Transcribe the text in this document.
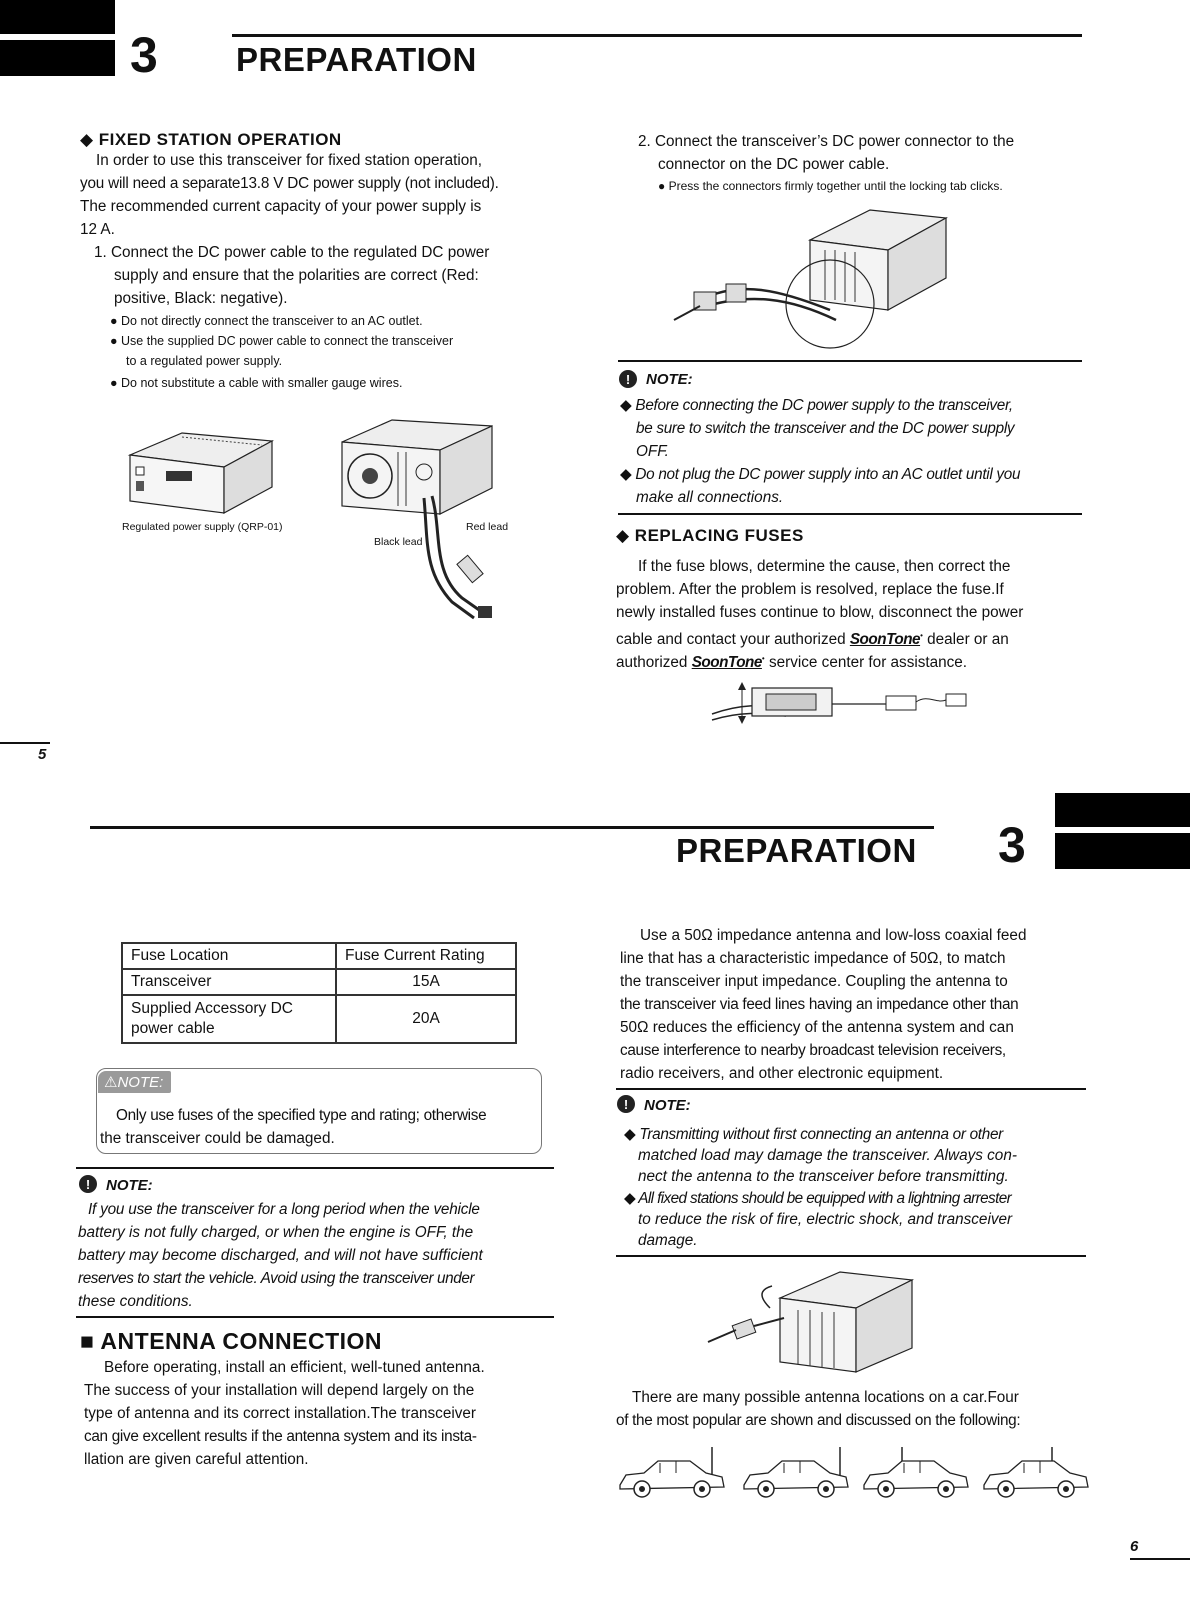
3 PREPARATION
◆ FIXED STATION OPERATION
In order to use this transceiver for fixed station operation,
you will need a separate13.8 V DC power supply (not included).
The recommended current capacity of your power supply is
12 A.
1. Connect the DC power cable to the regulated DC power
supply and ensure that the polarities are correct (Red:
positive, Black: negative).
● Do not directly connect the transceiver to an AC outlet.
● Use the supplied DC power cable to connect the transceiver
to a regulated power supply.
● Do not substitute a cable with smaller gauge wires.
Regulated power supply (QRP-01)	Red lead
Black lead
2. Connect the transceiver’s DC power connector to the
connector on the DC power cable.
● Press the connectors firmly together until the locking tab clicks.
! NOTE:
◆ Before connecting the DC power supply to the transceiver,
be sure to switch the transceiver and the DC power supply
OFF.
◆ Do not plug the DC power supply into an AC outlet until you
make all connections.
◆ REPLACING FUSES
If the fuse blows, determine the cause, then correct the
problem. After the problem is resolved, replace the fuse.If
newly installed fuses continue to blow, disconnect the power
cable and contact your authorized SoonTone• dealer or an
authorized SoonTone• service center for assistance.
5
PREPARATION 3
Fuse Location	Fuse Current Rating
Transceiver	15A
Supplied Accessory DC power cable	20A
⚠NOTE:
Only use fuses of the specified type and rating; otherwise
the transceiver could be damaged.
! NOTE:
If you use the transceiver for a long period when the vehicle
battery is not fully charged, or when the engine is OFF, the
battery may become discharged, and will not have sufficient
reserves to start the vehicle. Avoid using the transceiver under
these conditions.
■ ANTENNA CONNECTION
Before operating, install an efficient, well-tuned antenna.
The success of your installation will depend largely on the
type of antenna and its correct installation.The transceiver
can give excellent results if the antenna system and its insta-
llation are given careful attention.
Use a 50Ω impedance antenna and low-loss coaxial feed
line that has a characteristic impedance of 50Ω, to match
the transceiver input impedance. Coupling the antenna to
the transceiver via feed lines having an impedance other than
50Ω reduces the efficiency of the antenna system and can
cause interference to nearby broadcast television receivers,
radio receivers, and other electronic equipment.
! NOTE:
◆ Transmitting without first connecting an antenna or other
matched load may damage the transceiver. Always con-
nect the antenna to the transceiver before transmitting.
◆ All fixed stations should be equipped with a lightning arrester
to reduce the risk of fire, electric shock, and transceiver
damage.
There are many possible antenna locations on a car.Four
of the most popular are shown and discussed on the following:
6
